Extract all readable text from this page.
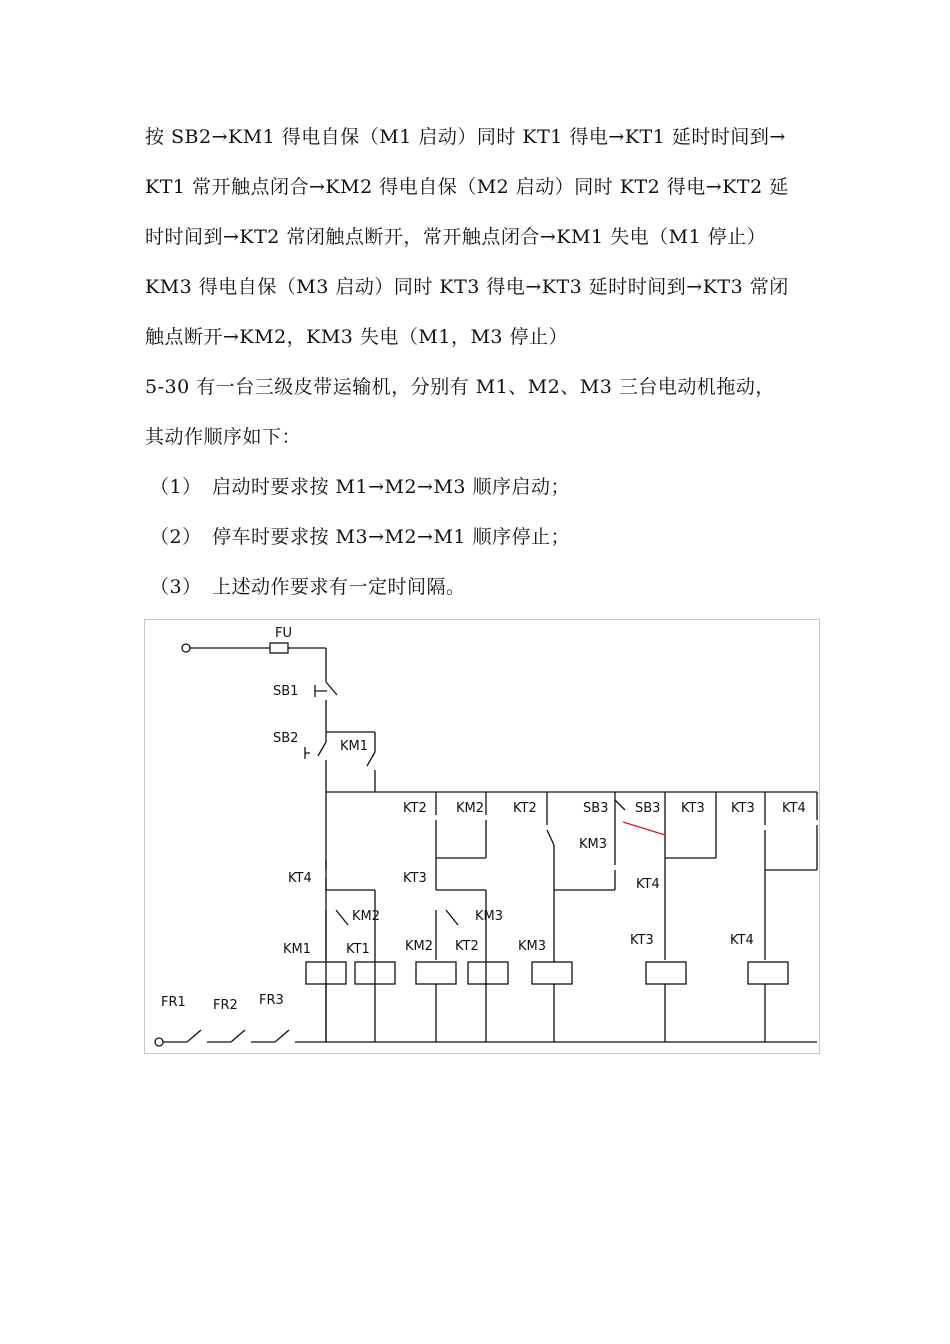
按 SB2→KM1 得电自保（M1 启动）同时 KT1 得电→KT1 延时时间到→
KT1 常开触点闭合→KM2 得电自保（M2 启动）同时 KT2 得电→KT2 延
时时间到→KT2 常闭触点断开，常开触点闭合→KM1 失电（M1 停止）
KM3 得电自保（M3 启动）同时 KT3 得电→KT3 延时时间到→KT3 常闭
触点断开→KM2，KM3 失电（M1，M3 停止）
5-30 有一台三级皮带运输机，分别有 M1、M2、M3 三台电动机拖动，
其动作顺序如下：
（1） 启动时要求按 M1→M2→M3 顺序启动；
（2） 停车时要求按 M3→M2→M1 顺序停止；
（3） 上述动作要求有一定时间隔。
FU
SB1
SB2
KM1
KT2 KM2 KT2	SB3 SB3 KT3 KT3 KT4
KM3
KT4	KT3	KT4
KM2	KM3
KM1	KT1	KM2 KT2	KM3	KT3	KT4
FR1 FR2 FR3
